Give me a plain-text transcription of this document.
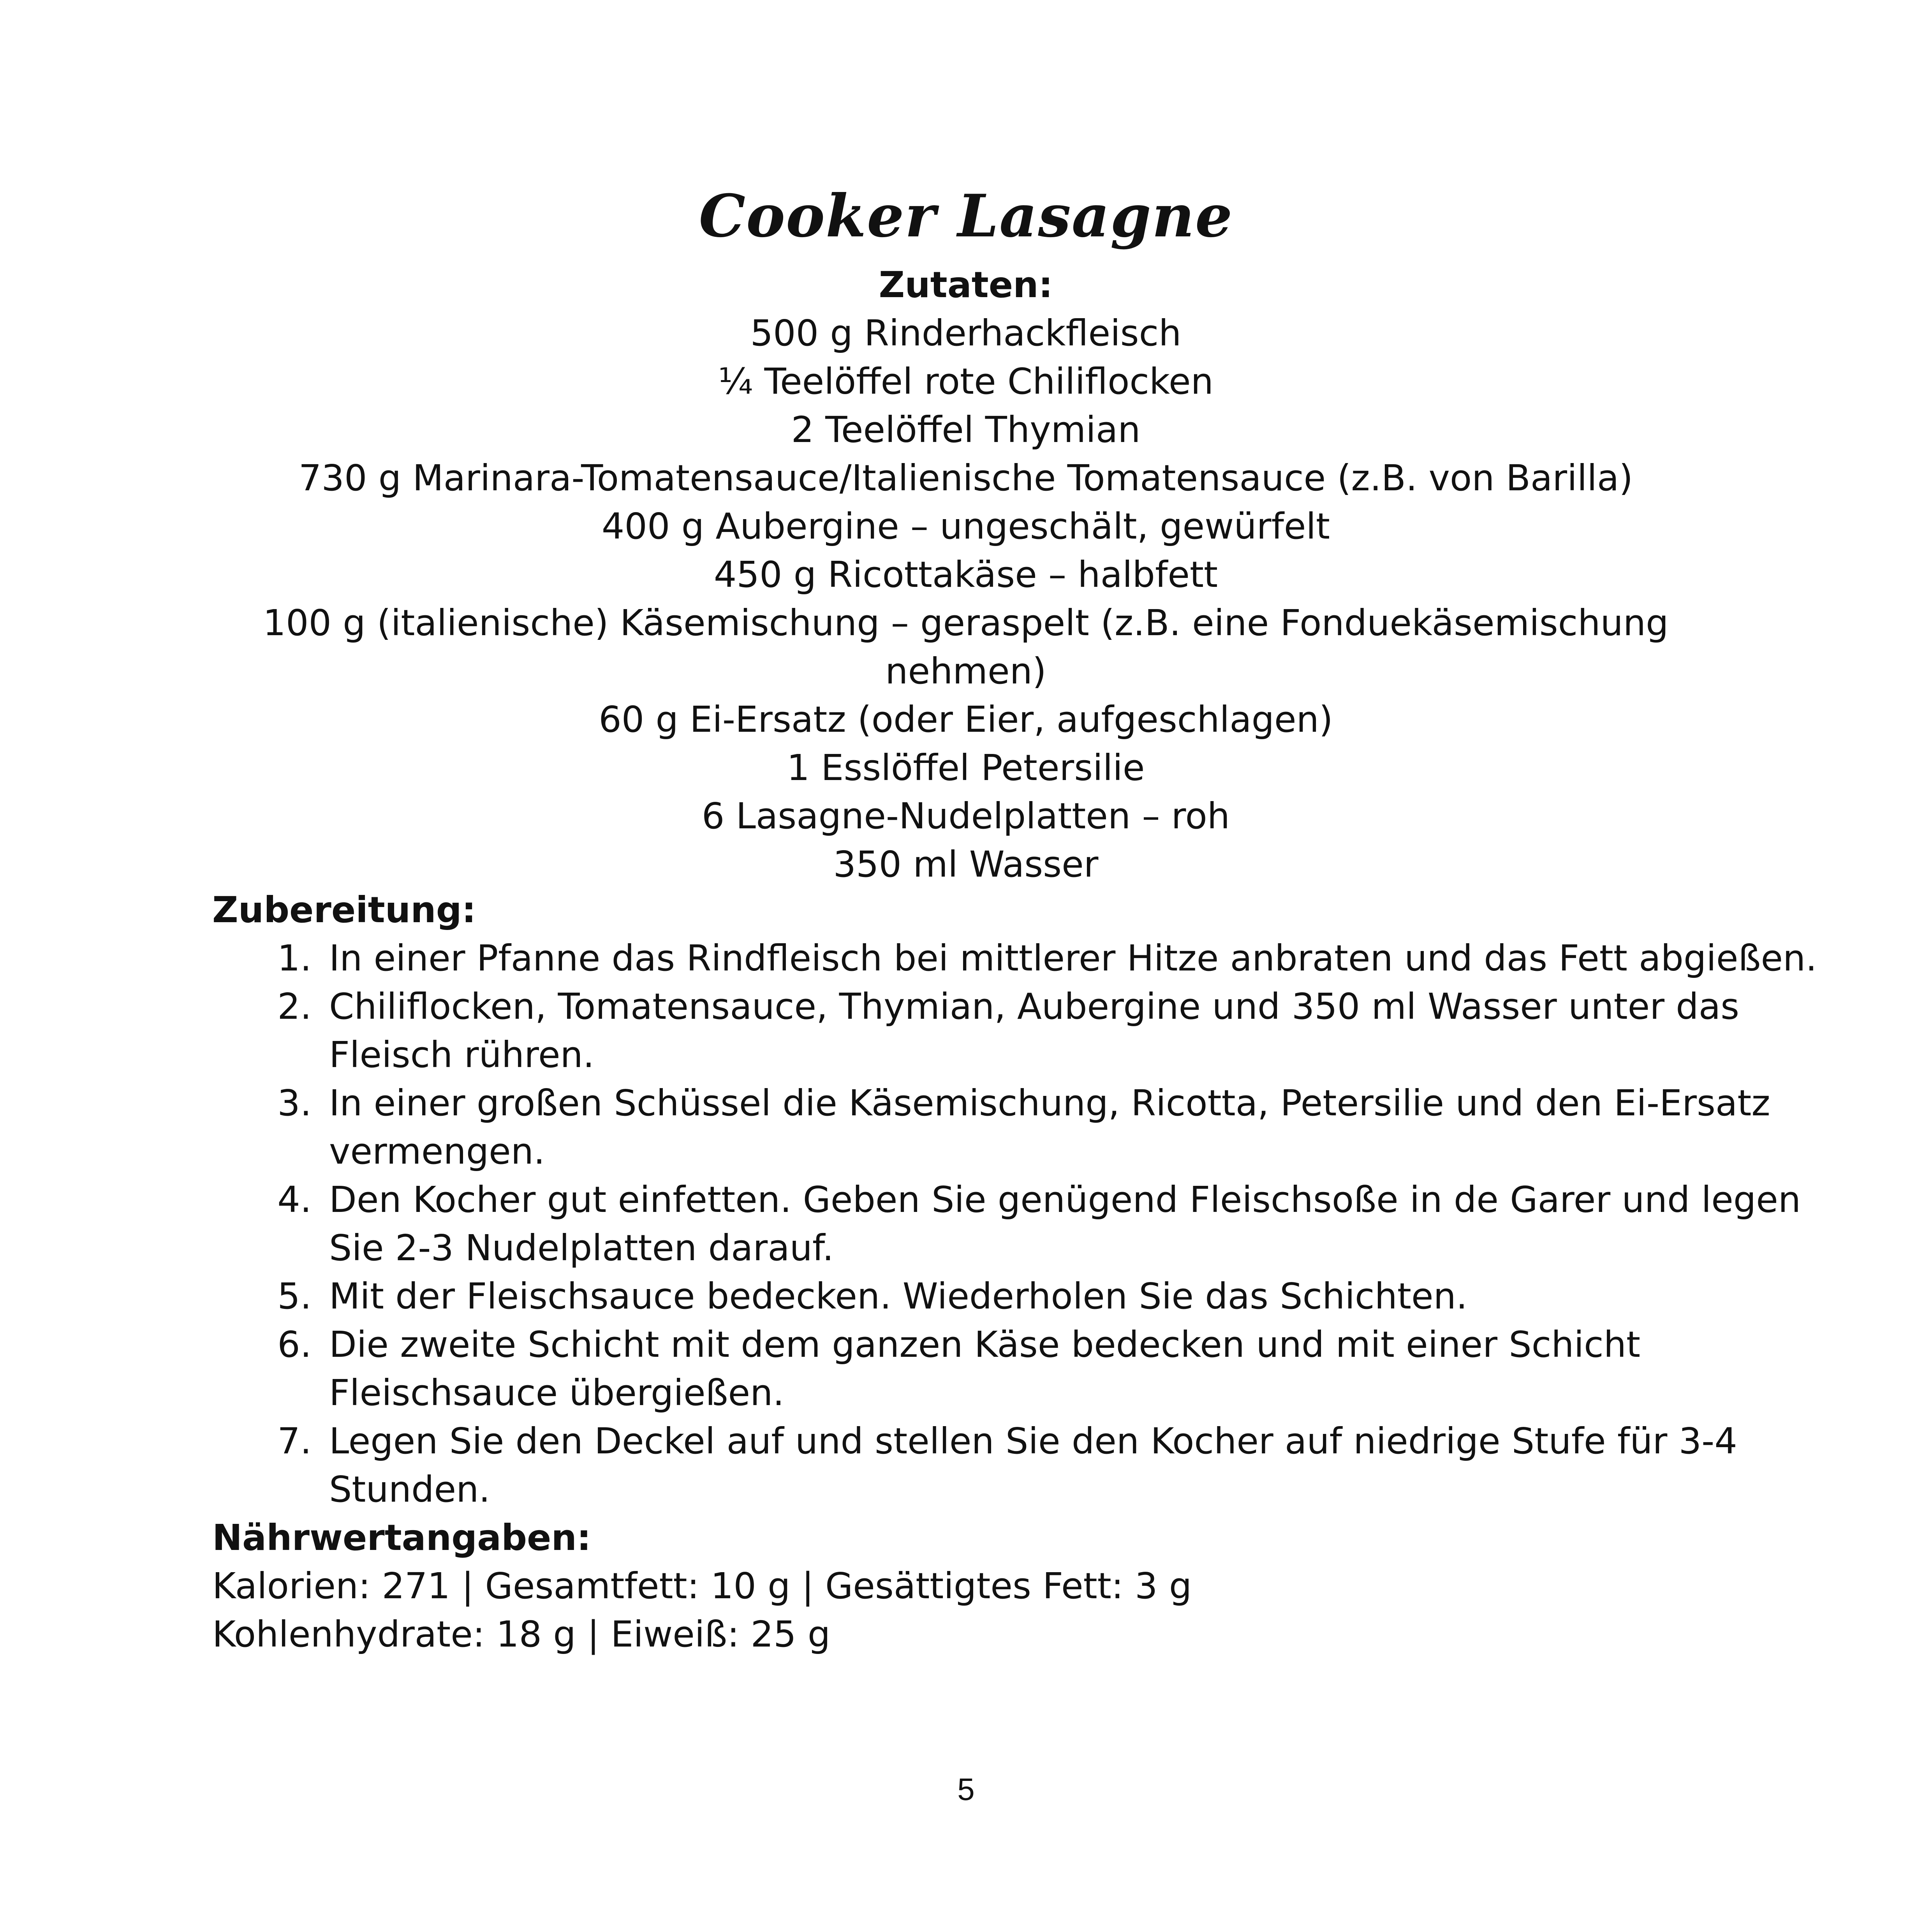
Cooker Lasagne
Zutaten:
500 g Rinderhackfleisch
¼ Teelöffel rote Chiliflocken
2 Teelöffel Thymian
730 g Marinara-Tomatensauce/Italienische Tomatensauce (z.B. von Barilla)
400 g Aubergine – ungeschält, gewürfelt
450 g Ricottakäse – halbfett
100 g (italienische) Käsemischung – geraspelt (z.B. eine Fonduekäsemischung nehmen)
60 g Ei-Ersatz (oder Eier, aufgeschlagen)
1 Esslöffel Petersilie
6 Lasagne-Nudelplatten – roh
350 ml Wasser
Zubereitung:
1. In einer Pfanne das Rindfleisch bei mittlerer Hitze anbraten und das Fett abgießen.
2. Chiliflocken, Tomatensauce, Thymian, Aubergine und 350 ml Wasser unter das Fleisch rühren.
3. In einer großen Schüssel die Käsemischung, Ricotta, Petersilie und den Ei-Ersatz vermengen.
4. Den Kocher gut einfetten. Geben Sie genügend Fleischsoße in de Garer und legen Sie 2-3 Nudelplatten darauf.
5. Mit der Fleischsauce bedecken. Wiederholen Sie das Schichten.
6. Die zweite Schicht mit dem ganzen Käse bedecken und mit einer Schicht Fleischsauce übergießen.
7. Legen Sie den Deckel auf und stellen Sie den Kocher auf niedrige Stufe für 3-4 Stunden.
Nährwertangaben:
Kalorien: 271 | Gesamtfett: 10 g | Gesättigtes Fett: 3 g
Kohlenhydrate: 18 g | Eiweiß: 25 g
5
